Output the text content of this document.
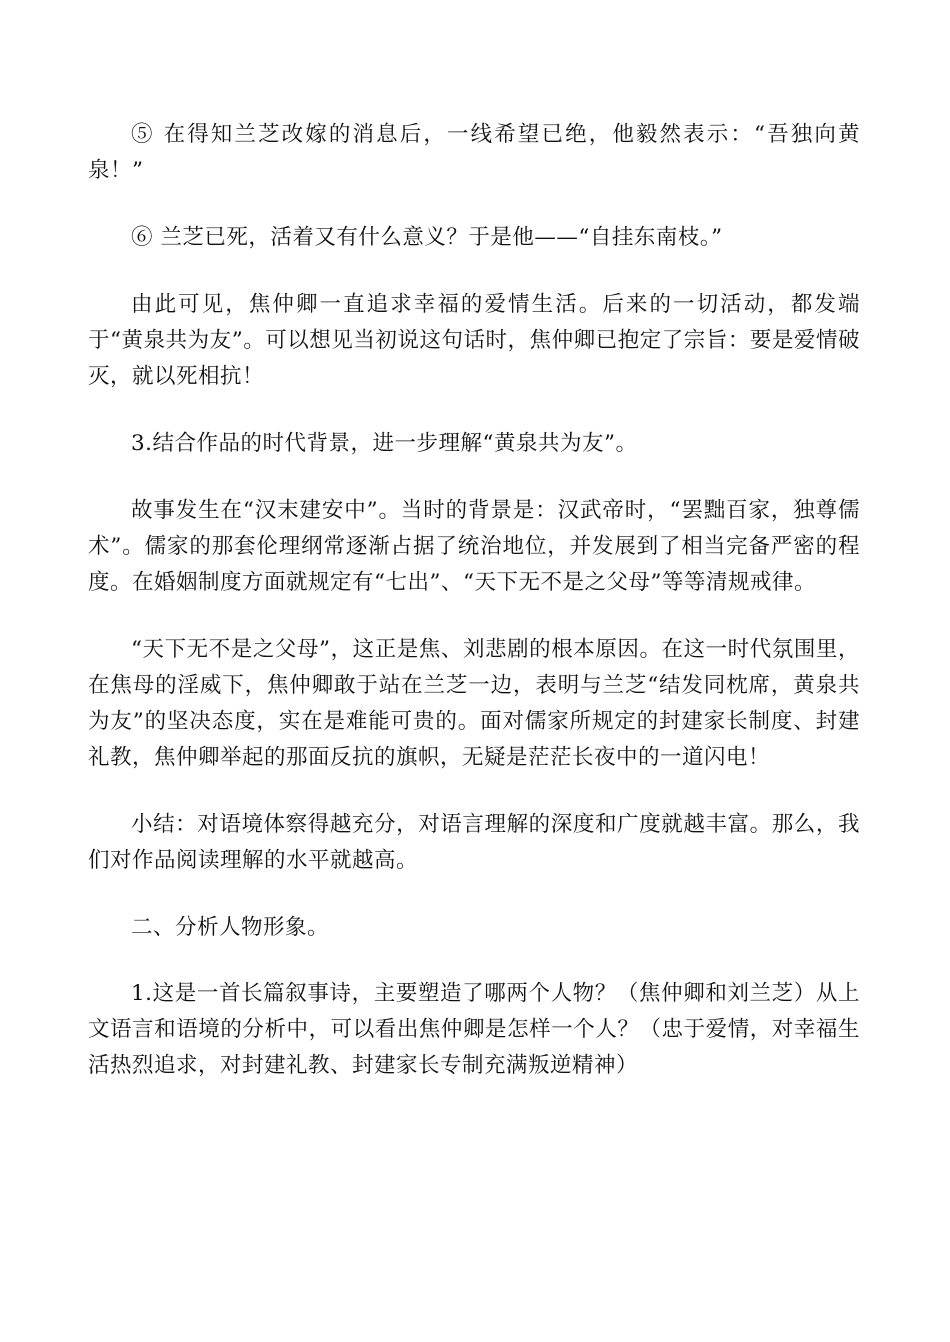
⑤ 在得知兰芝改嫁的消息后，一线希望已绝，他毅然表示：“吾独向黄泉！”

⑥ 兰芝已死，活着又有什么意义？于是他——“自挂东南枝。”

由此可见，焦仲卿一直追求幸福的爱情生活。后来的一切活动，都发端于“黄泉共为友”。可以想见当初说这句话时，焦仲卿已抱定了宗旨：要是爱情破灭，就以死相抗！

3.结合作品的时代背景，进一步理解“黄泉共为友”。

故事发生在“汉末建安中”。当时的背景是：汉武帝时，“罢黜百家，独尊儒术”。儒家的那套伦理纲常逐渐占据了统治地位，并发展到了相当完备严密的程度。在婚姻制度方面就规定有“七出”、“天下无不是之父母”等等清规戒律。

“天下无不是之父母”，这正是焦、刘悲剧的根本原因。在这一时代氛围里，在焦母的淫威下，焦仲卿敢于站在兰芝一边，表明与兰芝“结发同枕席，黄泉共为友”的坚决态度，实在是难能可贵的。面对儒家所规定的封建家长制度、封建礼教，焦仲卿举起的那面反抗的旗帜，无疑是茫茫长夜中的一道闪电！

小结：对语境体察得越充分，对语言理解的深度和广度就越丰富。那么，我们对作品阅读理解的水平就越高。

二、分析人物形象。

1.这是一首长篇叙事诗，主要塑造了哪两个人物？（焦仲卿和刘兰芝）从上文语言和语境的分析中，可以看出焦仲卿是怎样一个人？（忠于爱情，对幸福生活热烈追求，对封建礼教、封建家长专制充满叛逆精神）
